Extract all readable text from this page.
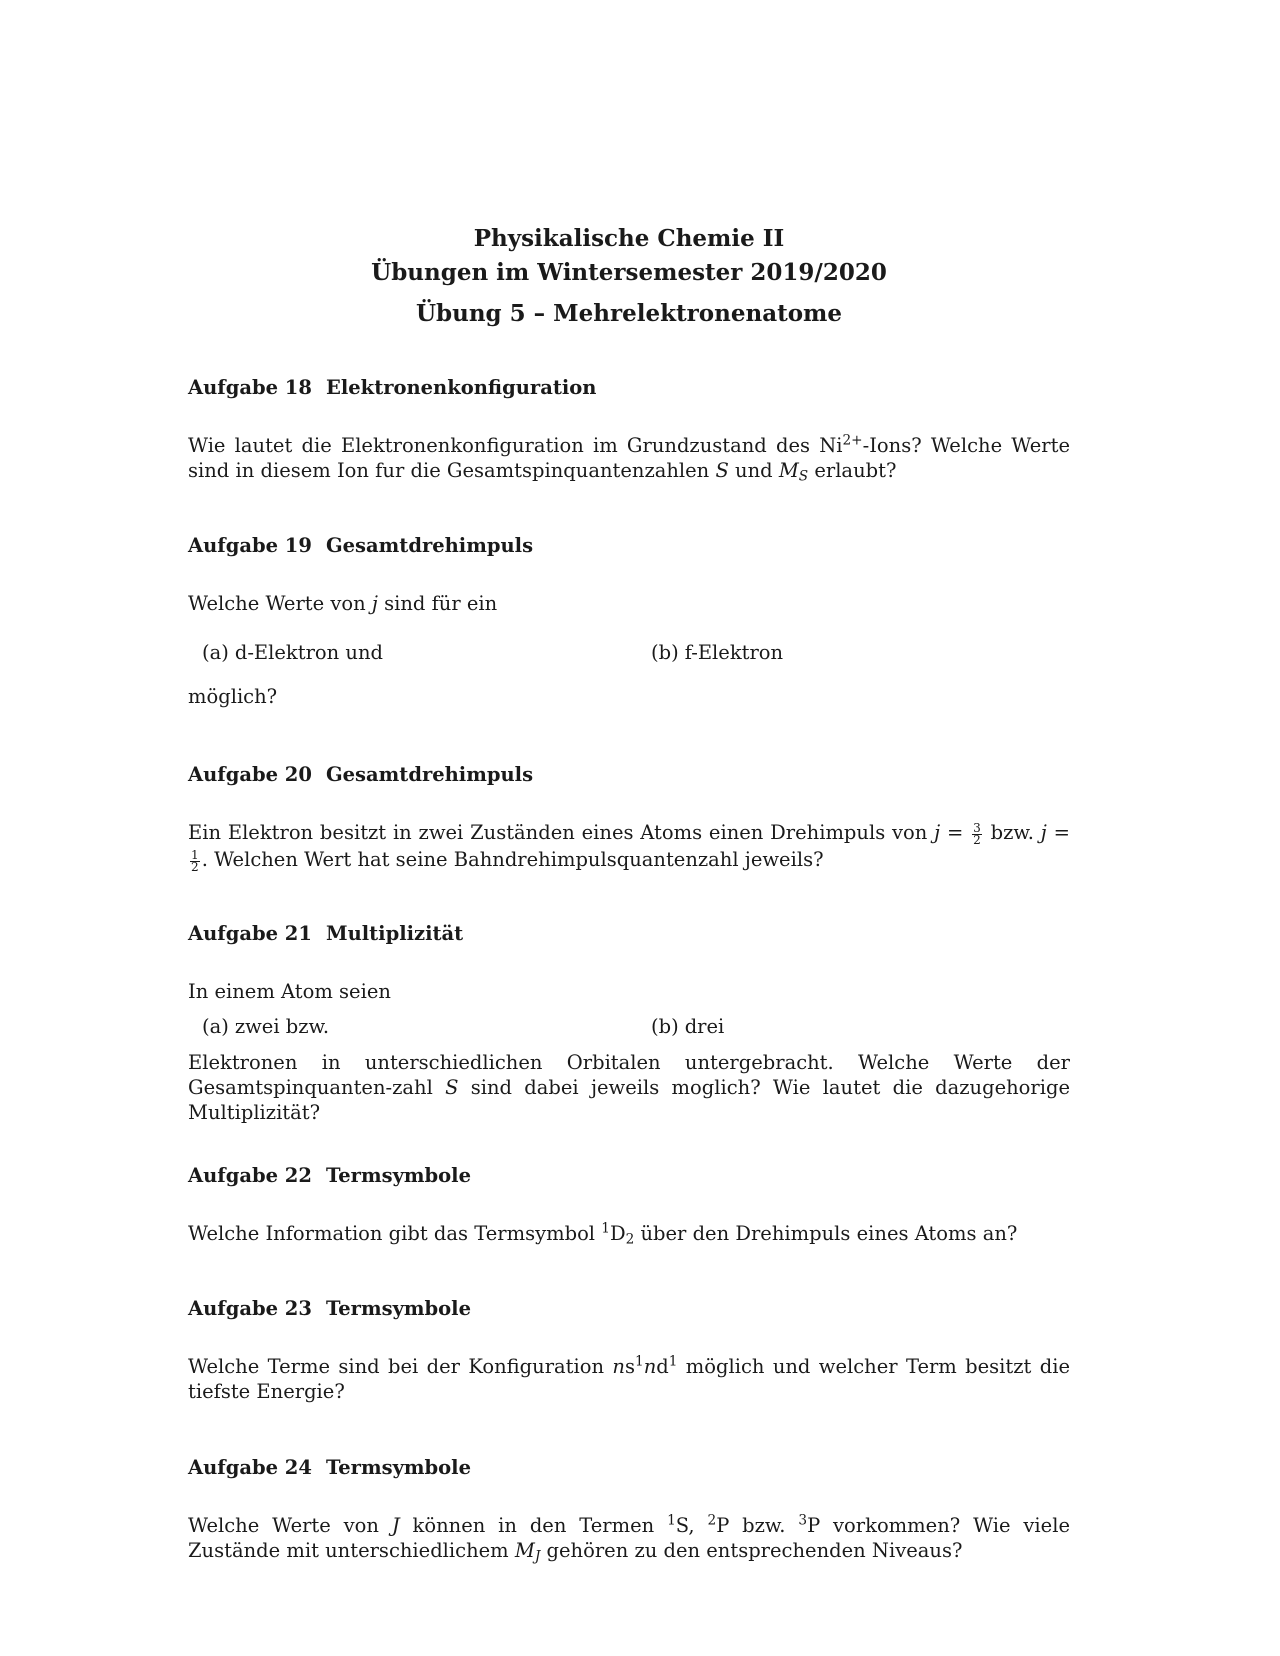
Physikalische Chemie II
Übungen im Wintersemester 2019/2020
Übung 5 – Mehrelektronenatome
Aufgabe 18 Elektronenkonfiguration
Wie lautet die Elektronenkonfiguration im Grundzustand des $Ni^{2+}$-Ions? Welche Werte sind in diesem Ion fur die Gesamtspinquantenzahlen S und $M_S$ erlaubt?
Aufgabe 19 Gesamtdrehimpuls
Welche Werte von j sind für ein
(a) d-Elektron und	(b) f-Elektron
möglich?
Aufgabe 20 Gesamtdrehimpuls
Ein Elektron besitzt in zwei Zuständen eines Atoms einen Drehimpuls von $j = \frac{3}{2}$ bzw. j =
$\frac{1}{2}$ . Welchen Wert hat seine Bahndrehimpulsquantenzahl jeweils?
Aufgabe 21 Multiplizität
In einem Atom seien
(a) zwei bzw.	(b) drei
Elektronen in unterschiedlichen Orbitalen untergebracht. Welche Werte der Gesamtspinquanten-zahl S sind dabei jeweils moglich? Wie lautet die dazugehorige Multiplizität?
Aufgabe 22 Termsymbole
Welche Information gibt das Termsymbol $^1D_2$ über den Drehimpuls eines Atoms an?
Aufgabe 23 Termsymbole
Welche Terme sind bei der Konfiguration $ns^1nd^1$ möglich und welcher Term besitzt die tiefste Energie?
Aufgabe 24 Termsymbole
Welche Werte von J können in den Termen $^1$S, $^2$P bzw. $^3$P vorkommen? Wie viele Zustände mit unterschiedlichem $M_J$ gehören zu den entsprechenden Niveaus?
